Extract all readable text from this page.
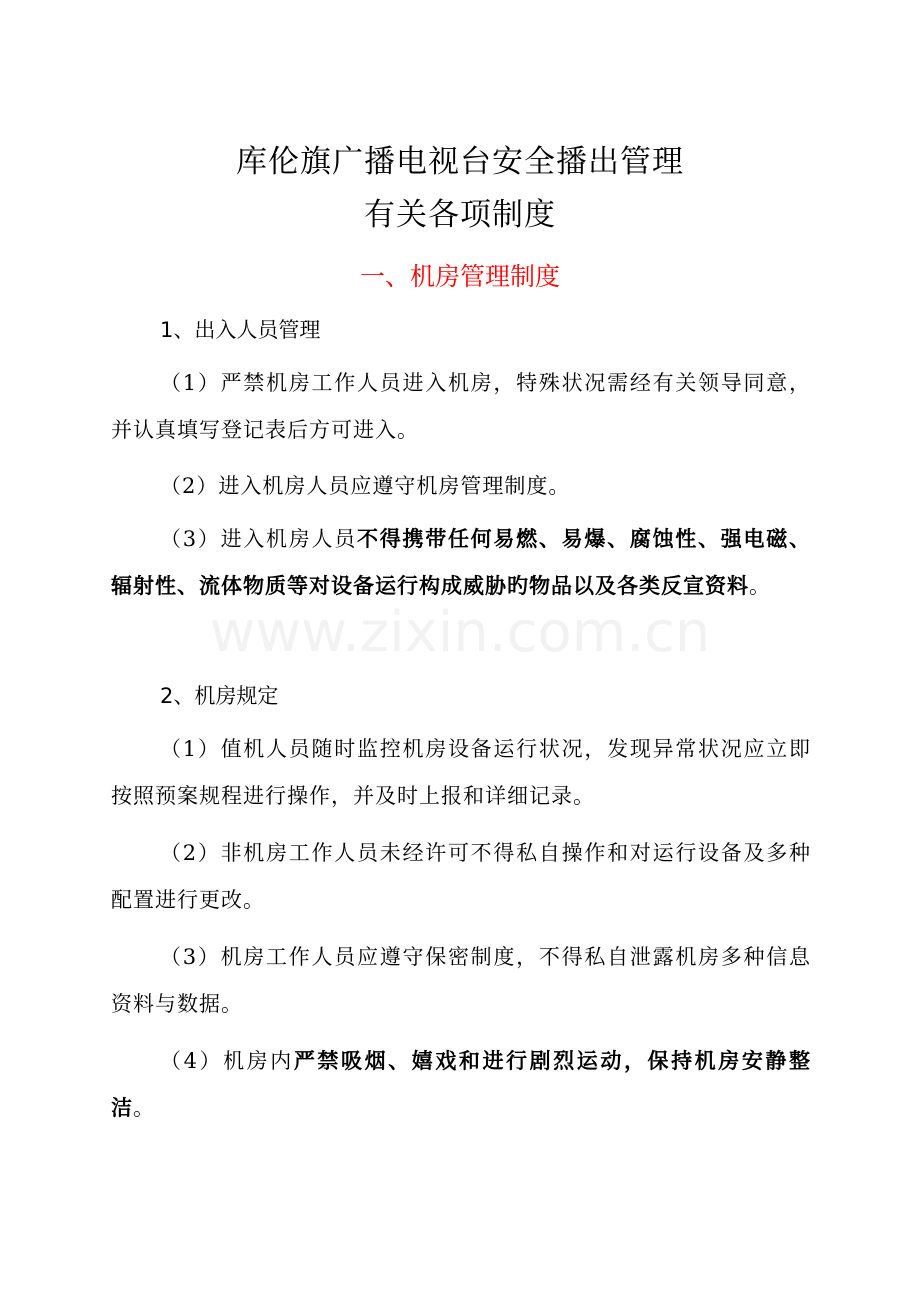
库伦旗广播电视台安全播出管理
有关各项制度
一、机房管理制度
1、出入人员管理
（1）严禁机房工作人员进入机房，特殊状况需经有关领导同意，并认真填写登记表后方可进入。
（2）进入机房人员应遵守机房管理制度。
（3）进入机房人员不得携带任何易燃、易爆、腐蚀性、强电磁、辐射性、流体物质等对设备运行构成威胁旳物品以及各类反宣资料。
2、机房规定
（1）值机人员随时监控机房设备运行状况，发现异常状况应立即按照预案规程进行操作，并及时上报和详细记录。
（2）非机房工作人员未经许可不得私自操作和对运行设备及多种配置进行更改。
（3）机房工作人员应遵守保密制度，不得私自泄露机房多种信息资料与数据。
（4）机房内严禁吸烟、嬉戏和进行剧烈运动，保持机房安静整洁。
www.zixin.com.cn
